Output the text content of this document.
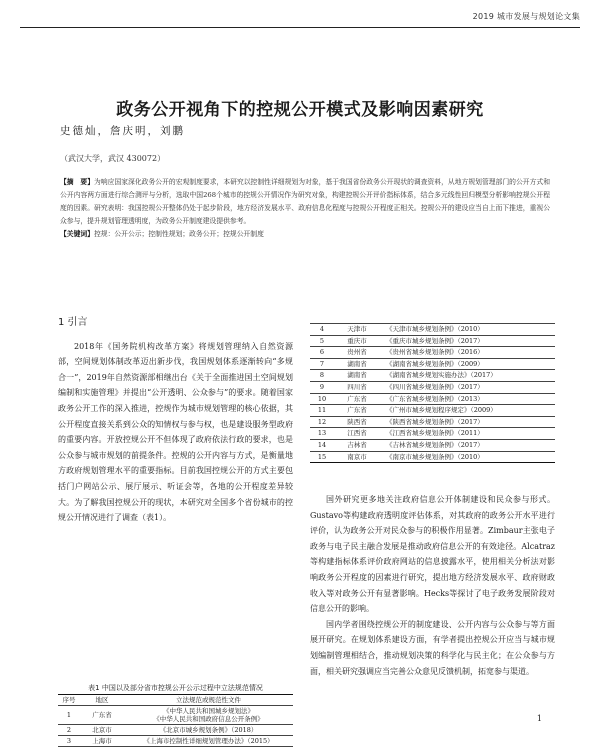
2019 城市发展与规划论文集
政务公开视角下的控规公开模式及影响因素研究
史德灿，詹庆明，刘鹏
（武汉大学，武汉 430072）

【摘　要】为响应国家深化政务公开的宏观制度要求，本研究以控制性详细规划为对象，基于我国省份政务公开现状的调查资料，从地方规划管理部门的公开方式和公开内容两方面进行综合测评与分析，选取中国268个城市的控规公开情况作为研究对象，构建控规公开评价指标体系，结合多元线性回归模型分析影响控规公开程度的因素。研究表明：我国控规公开整体仍处于起步阶段，地方经济发展水平、政府信息化程度与控规公开程度正相关。控规公开的建设应当自上而下推进，重视公众参与，提升规划管理透明度，为政务公开制度建设提供参考。

【关键词】控规：公开公示；控制性规划；政务公开；控规公开制度

1 引言

2018年《国务院机构改革方案》将规划管理纳入自然资源部，空间规划体制改革迈出新步伐，我国规划体系逐渐转向“多规合一”，2019年自然资源部相继出台《关于全面推进国土空间规划编制和实施管理》并提出“公开透明、公众参与”的要求。随着国家政务公开工作的深入推进，控规作为城市规划管理的核心依据，其公开程度直接关系到公众的知情权与参与权，也是建设服务型政府的重要内容。开放控规公开不但体现了政府依法行政的要求，也是公众参与城市规划的前提条件。控规的公开内容与方式，是衡量地方政府规划管理水平的重要指标。目前我国控规公开的方式主要包括门户网站公示、展厅展示、听证会等，各地的公开程度差异较大。为了解我国控规公开的现状，本研究对全国多个省份城市的控规公开情况进行了调查（表1）。

表1 中国以及部分省市控规公开公示过程中立法规范情况
序号	地区	立法规范或规范性文件
1	广东省	《中华人民共和国城乡规划法》
《中华人民共和国政府信息公开条例》

2	北京市	《北京市城乡规划条例》（2018）

3	上海市	《上海市控制性详细规划管理办法》（2015）
4	天津市	《天津市城乡规划条例》（2010）
5	重庆市	《重庆市城乡规划条例》（2017）
6	贵州省	《贵州省城乡规划条例》（2016）
7	湖南省	《湖南省城乡规划条例》（2009）
8	湖南省	《湖南省城乡规划实施办法》（2017）
9	四川省	《四川省城乡规划条例》（2017）
10	广东省	《广东省城乡规划条例》（2013）
11	广东省	《广州市城乡规划程序规定》（2009）
12	陕西省	《陕西省城乡规划条例》（2017）
13	江西省	《江西省城乡规划条例》（2011）
14	吉林省	《吉林省城乡规划条例》（2017）
15	南京市	《南京市城乡规划条例》（2010）

国外研究更多地关注政府信息公开体制建设和民众参与形式。Gustavo等构建政府透明度评估体系，对其政府的政务公开水平进行评价，认为政务公开对民众参与的积极作用显著。Zimbaur主张电子政务与电子民主融合发展是推动政府信息公开的有效途径。Alcatraz等构建指标体系评价政府网站的信息披露水平，使用相关分析法对影响政务公开程度的因素进行研究，提出地方经济发展水平、政府财政收入等对政务公开有显著影响。Hecks等探讨了电子政务发展阶段对信息公开的影响。

国内学者围绕控规公开的制度建设、公开内容与公众参与等方面展开研究。在规划体系建设方面，有学者提出控规公开应当与城市规划编制管理相结合，推动规划决策的科学化与民主化；在公众参与方面，相关研究强调应当完善公众意见反馈机制，拓宽参与渠道。

1
